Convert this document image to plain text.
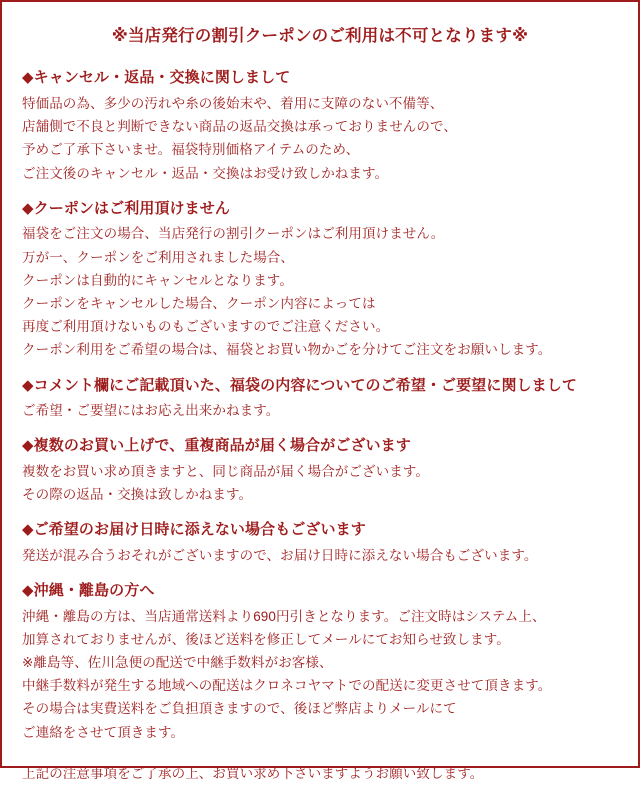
※当店発行の割引クーポンのご利用は不可となります※
◆キャンセル・返品・交換に関しまして
特価品の為、多少の汚れや糸の後始末や、着用に支障のない不備等、
店舗側で不良と判断できない商品の返品交換は承っておりませんので、
予めご了承下さいませ。福袋特別価格アイテムのため、
ご注文後のキャンセル・返品・交換はお受け致しかねます。
◆クーポンはご利用頂けません
福袋をご注文の場合、当店発行の割引クーポンはご利用頂けません。
万が一、クーポンをご利用されました場合、
クーポンは自動的にキャンセルとなります。
クーポンをキャンセルした場合、クーポン内容によっては
再度ご利用頂けないものもございますのでご注意ください。
クーポン利用をご希望の場合は、福袋とお買い物かごを分けてご注文をお願いします。
◆コメント欄にご記載頂いた、福袋の内容についてのご希望・ご要望に関しまして
ご希望・ご要望にはお応え出来かねます。
◆複数のお買い上げで、重複商品が届く場合がございます
複数をお買い求め頂きますと、同じ商品が届く場合がございます。
その際の返品・交換は致しかねます。
◆ご希望のお届け日時に添えない場合もございます
発送が混み合うおそれがございますので、お届け日時に添えない場合もございます。
◆沖縄・離島の方へ
沖縄・離島の方は、当店通常送料より690円引きとなります。ご注文時はシステム上、
加算されておりませんが、後ほど送料を修正してメールにてお知らせ致します。
※離島等、佐川急便の配送で中継手数料がお客様、
中継手数料が発生する地域への配送はクロネコヤマトでの配送に変更させて頂きます。
その場合は実費送料をご負担頂きますので、後ほど弊店よりメールにて
ご連絡をさせて頂きます。
上記の注意事項をご了承の上、お買い求め下さいますようお願い致します。
